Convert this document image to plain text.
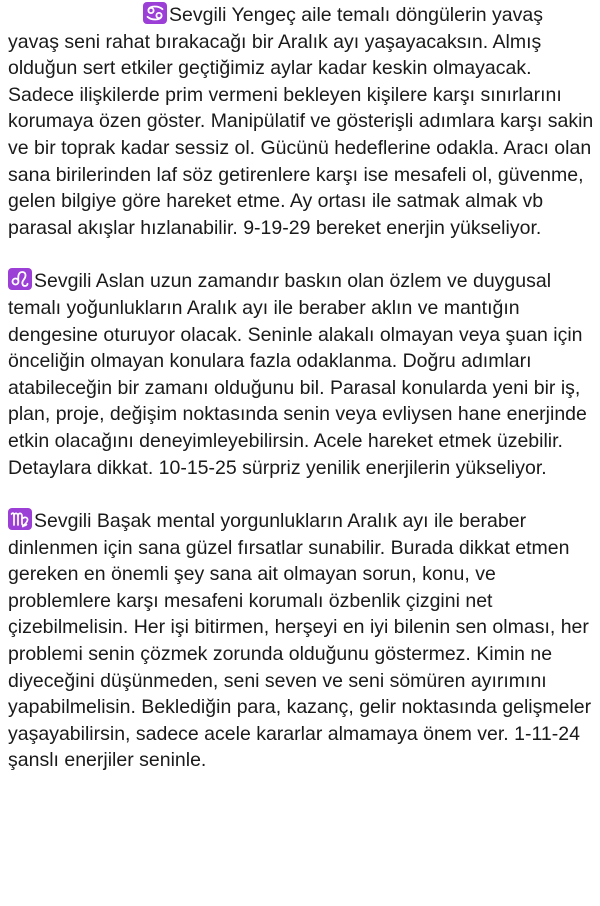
Sevgili Yengeç aile temalı döngülerin yavaş yavaş seni rahat bırakacağı bir Aralık ayı yaşayacaksın. Almış olduğun sert etkiler geçtiğimiz aylar kadar keskin olmayacak. Sadece ilişkilerde prim vermeni bekleyen kişilere karşı sınırlarını korumaya özen göster. Manipülatif ve gösterişli adımlara karşı sakin ve bir toprak kadar sessiz ol. Gücünü hedeflerine odakla. Aracı olan sana birilerinden laf söz getirenlere karşı ise mesafeli ol, güvenme, gelen bilgiye göre hareket etme. Ay ortası ile satmak almak vb parasal akışlar hızlanabilir. 9-19-29 bereket enerjin yükseliyor.

Sevgili Aslan uzun zamandır baskın olan özlem ve duygusal temalı yoğunlukların Aralık ayı ile beraber aklın ve mantığın dengesine oturuyor olacak. Seninle alakalı olmayan veya şuan için önceliğin olmayan konulara fazla odaklanma. Doğru adımları atabileceğin bir zamanı olduğunu bil. Parasal konularda yeni bir iş, plan, proje, değişim noktasında senin veya evliysen hane enerjinde etkin olacağını deneyimleyebilirsin. Acele hareket etmek üzebilir. Detaylara dikkat. 10-15-25 sürpriz yenilik enerjilerin yükseliyor.

Sevgili Başak mental yorgunlukların Aralık ayı ile beraber dinlenmen için sana güzel fırsatlar sunabilir. Burada dikkat etmen gereken en önemli şey sana ait olmayan sorun, konu, ve problemlere karşı mesafeni korumalı özbenlik çizgini net çizebilmelisin. Her işi bitirmen, herşeyi en iyi bilenin sen olması, her problemi senin çözmek zorunda olduğunu göstermez. Kimin ne diyeceğini düşünmeden, seni seven ve seni sömüren ayırımını yapabilmelisin. Beklediğin para, kazanç, gelir noktasında gelişmeler yaşayabilirsin, sadece acele kararlar almamaya önem ver. 1-11-24 şanslı enerjiler seninle.
